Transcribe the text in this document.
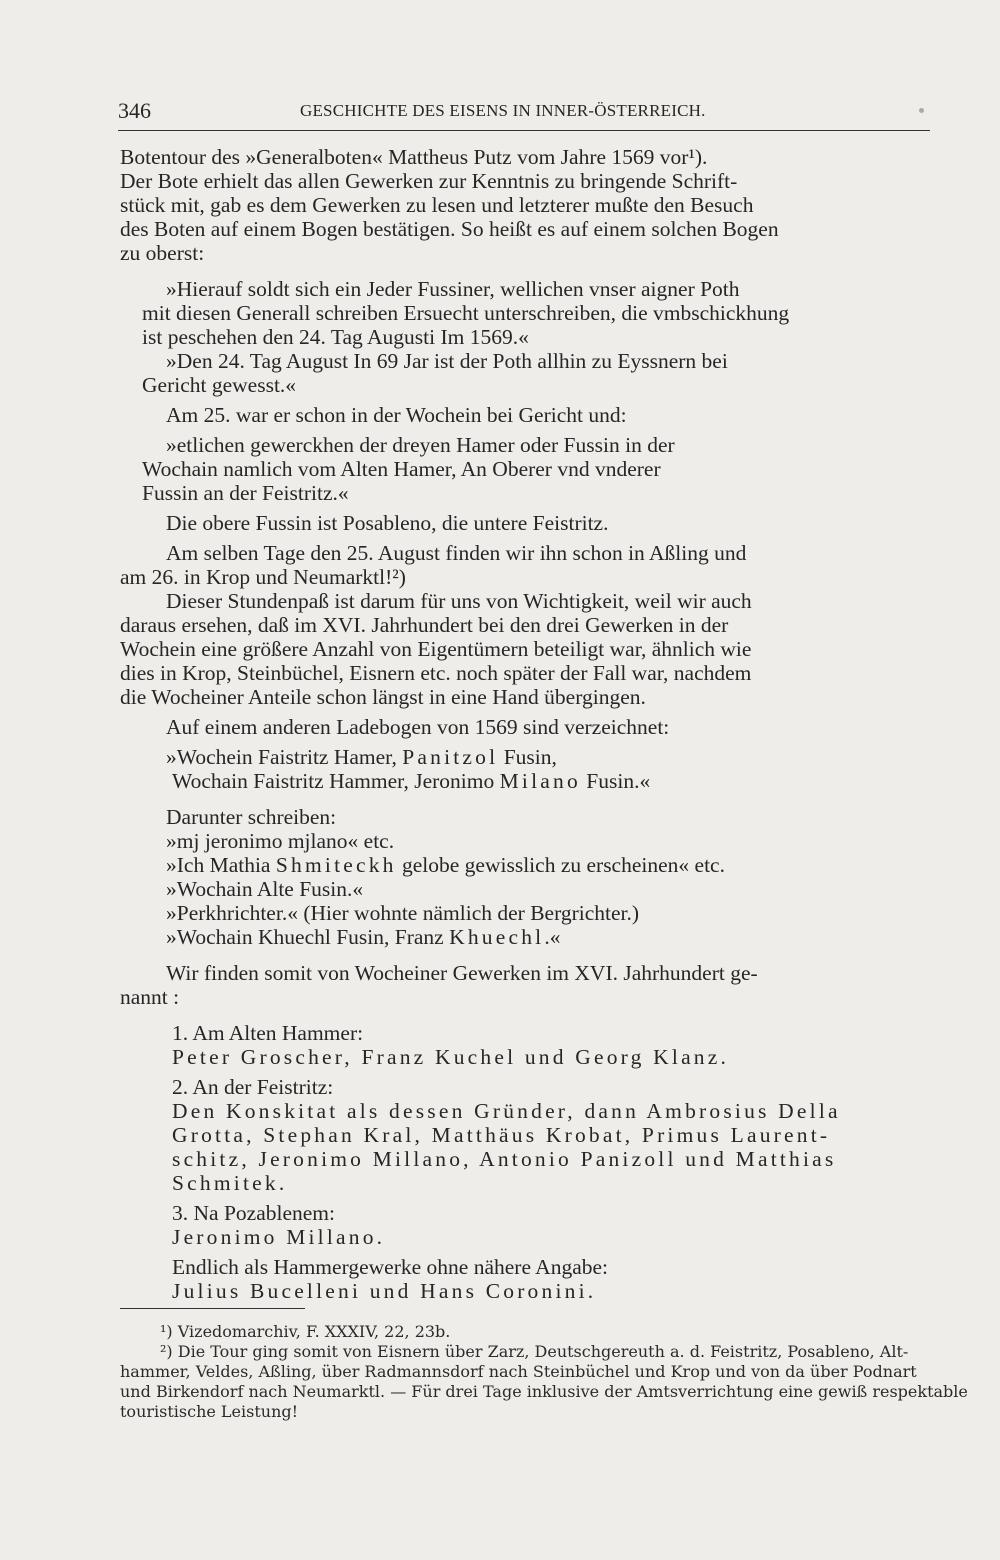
346	GESCHICHTE DES EISENS IN INNER-ÖSTERREICH.
Botentour des »Generalboten« Mattheus Putz vom Jahre 1569 vor¹).
Der Bote erhielt das allen Gewerken zur Kenntnis zu bringende Schrift-
stück mit, gab es dem Gewerken zu lesen und letzterer mußte den Besuch
des Boten auf einem Bogen bestätigen. So heißt es auf einem solchen Bogen
zu oberst:
»Hierauf soldt sich ein Jeder Fussiner, wellichen vnser aigner Poth
mit diesen Generall schreiben Ersuecht unterschreiben, die vmbschickhung
ist peschehen den 24. Tag Augusti Im 1569.«
»Den 24. Tag August In 69 Jar ist der Poth allhin zu Eyssnern bei
Gericht gewesst.«
Am 25. war er schon in der Wochein bei Gericht und:
»etlichen gewerckhen der dreyen Hamer oder Fussin in der
Wochain namlich vom Alten Hamer, An Oberer vnd vnderer
Fussin an der Feistritz.«
Die obere Fussin ist Posableno, die untere Feistritz.
Am selben Tage den 25. August finden wir ihn schon in Aßling und
am 26. in Krop und Neumarktl!²)
Dieser Stundenpaß ist darum für uns von Wichtigkeit, weil wir auch
daraus ersehen, daß im XVI. Jahrhundert bei den drei Gewerken in der
Wochein eine größere Anzahl von Eigentümern beteiligt war, ähnlich wie
dies in Krop, Steinbüchel, Eisnern etc. noch später der Fall war, nachdem
die Wocheiner Anteile schon längst in eine Hand übergingen.
Auf einem anderen Ladebogen von 1569 sind verzeichnet:
»Wochein Faistritz Hamer, Panitzol Fusin,
Wochain Faistritz Hammer, Jeronimo Milano Fusin.«
Darunter schreiben:
»mj jeronimo mjlano« etc.
»Ich Mathia Shmiteckh gelobe gewisslich zu erscheinen« etc.
»Wochain Alte Fusin.«
»Perkhrichter.« (Hier wohnte nämlich der Bergrichter.)
»Wochain Khuechl Fusin, Franz Khuechl.«
Wir finden somit von Wocheiner Gewerken im XVI. Jahrhundert ge-
nannt :
1. Am Alten Hammer:
Peter Groscher, Franz Kuchel und Georg Klanz.
2. An der Feistritz:
Den Konskitat als dessen Gründer, dann Ambrosius Della
Grotta, Stephan Kral, Matthäus Krobat, Primus Laurent-
schitz, Jeronimo Millano, Antonio Panizoll und Matthias
Schmitek.
3. Na Pozablenem:
Jeronimo Millano.
Endlich als Hammergewerke ohne nähere Angabe:
Julius Bucelleni und Hans Coronini.
¹) Vizedomarchiv, F. XXXIV, 22, 23b.
²) Die Tour ging somit von Eisnern über Zarz, Deutschgereuth a. d. Feistritz, Posableno, Alt-
hammer, Veldes, Aßling, über Radmannsdorf nach Steinbüchel und Krop und von da über Podnart
und Birkendorf nach Neumarktl. — Für drei Tage inklusive der Amtsverrichtung eine gewiß respektable
touristische Leistung!
